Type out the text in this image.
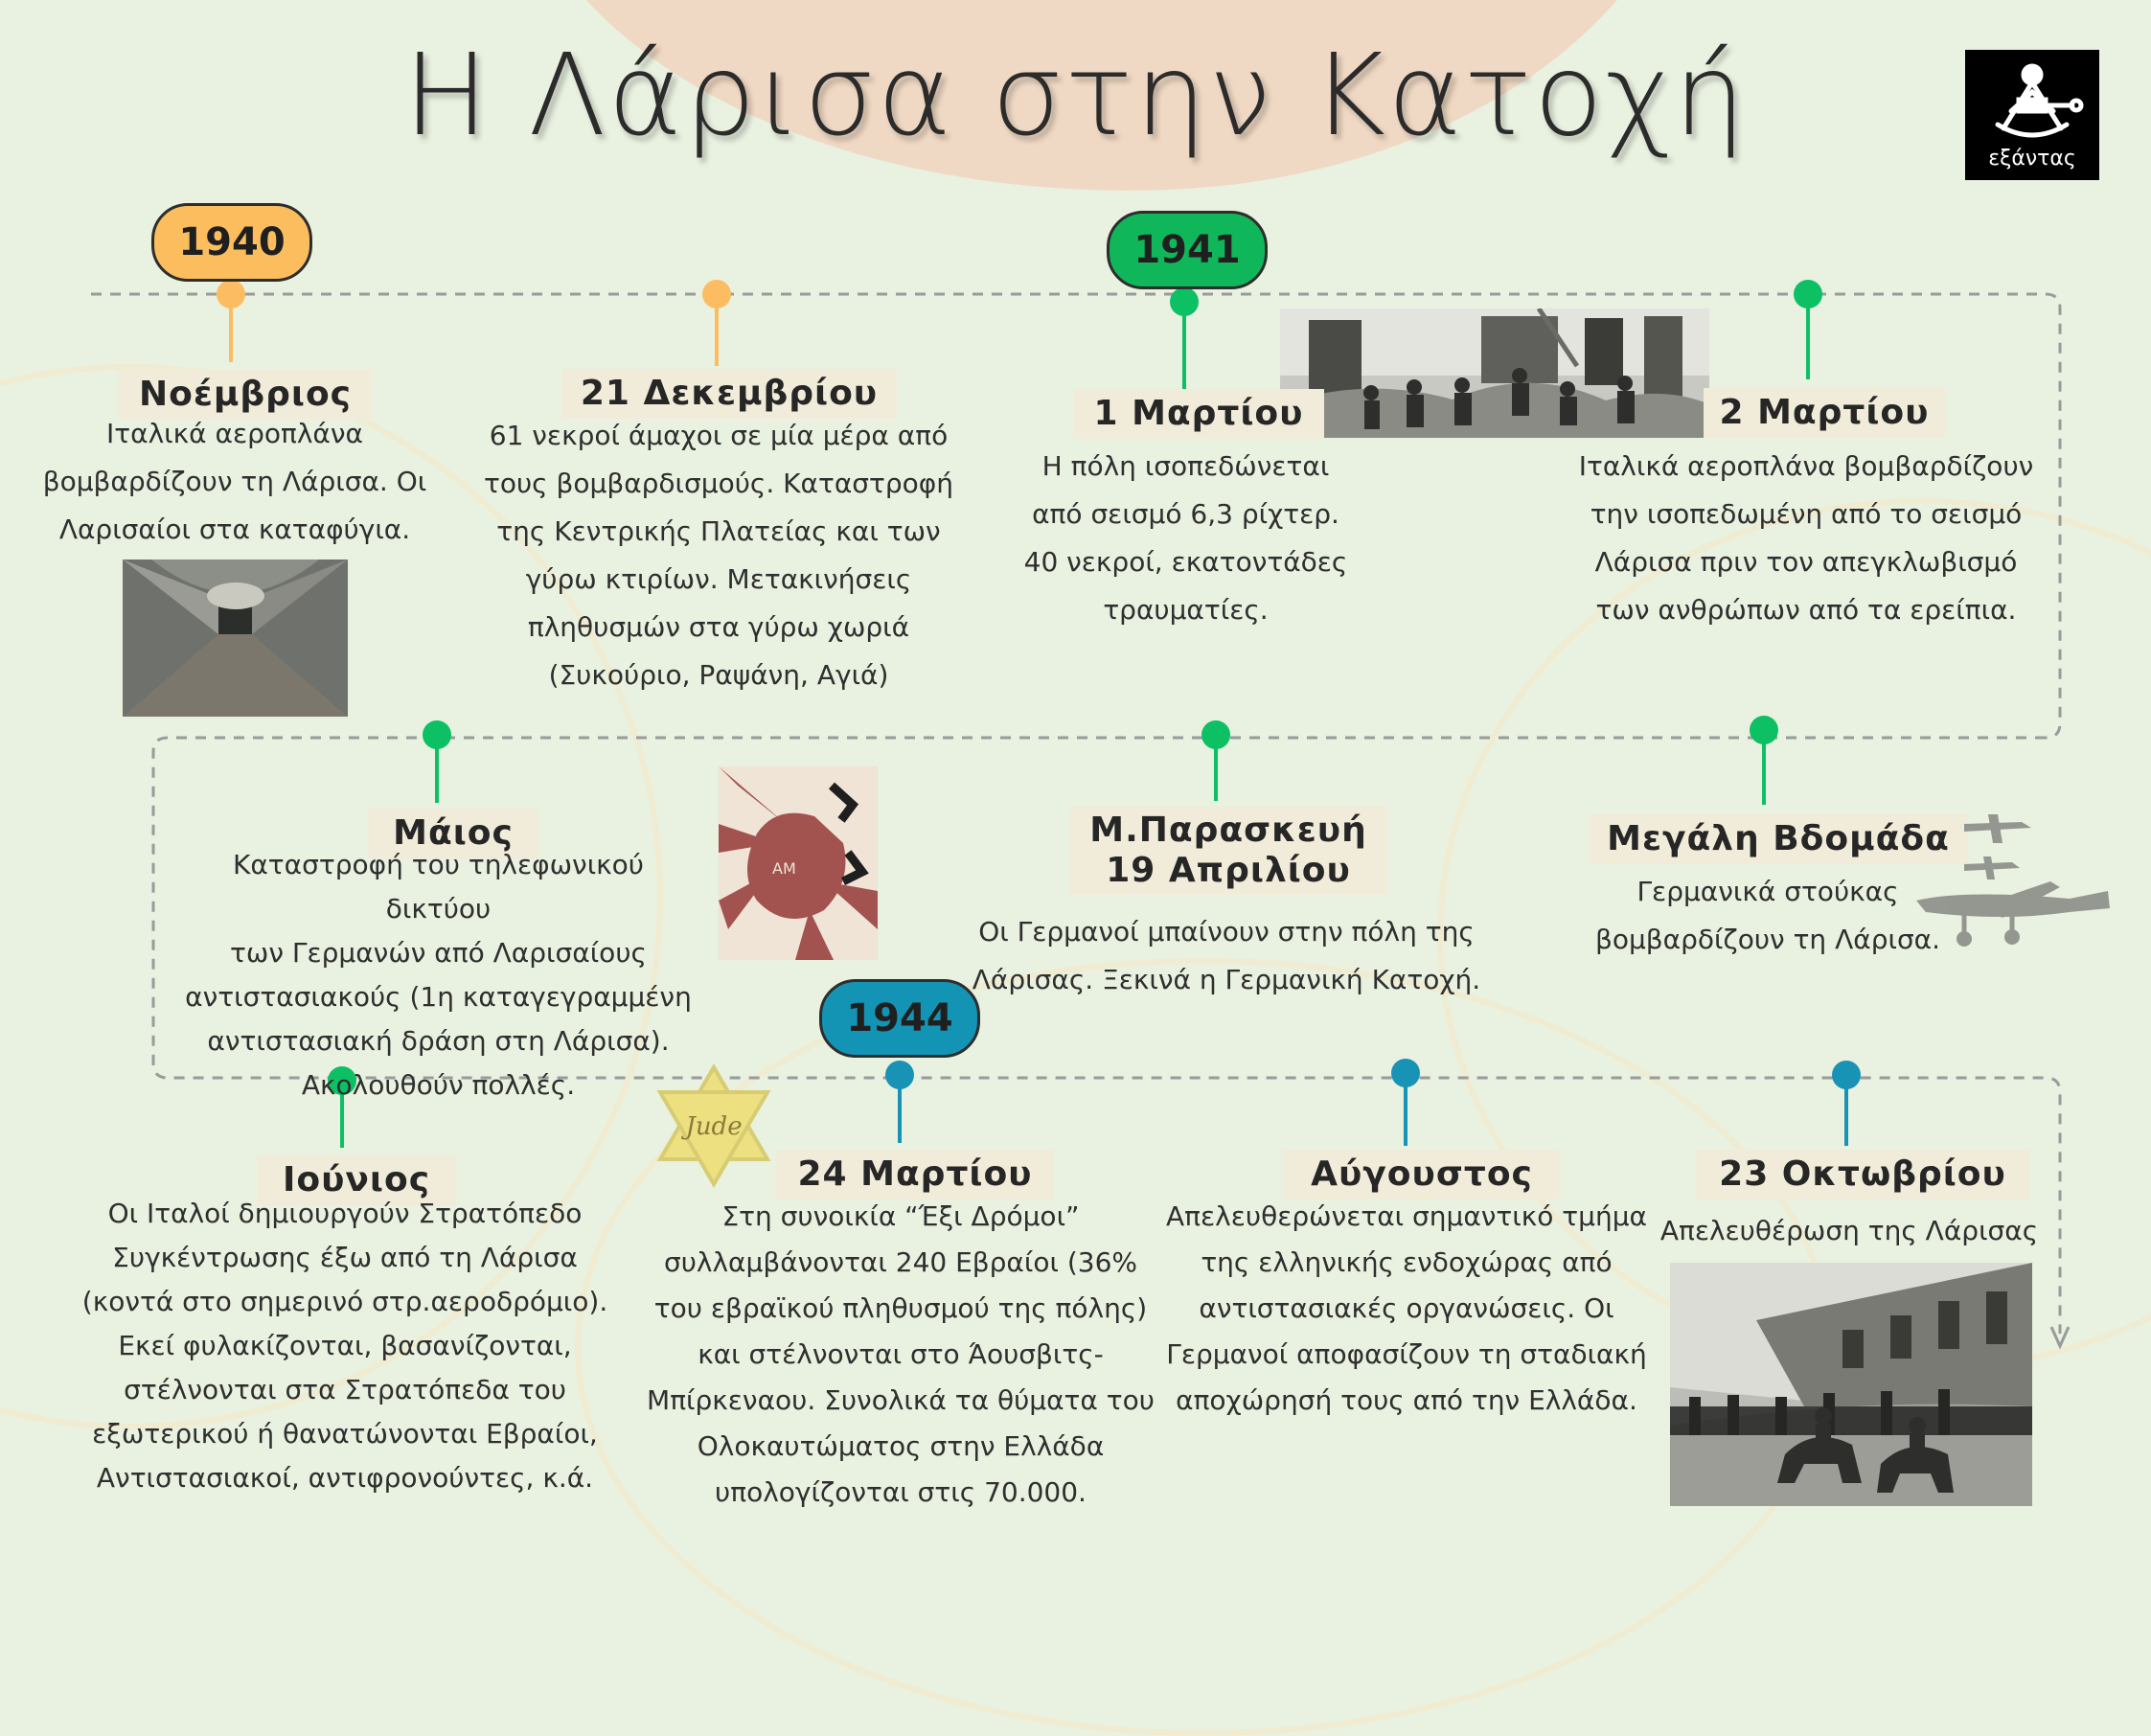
Η Λάρισα στην Κατοχή	εξάντας
1940	1941
1944
Νοέμβριος
Ιταλικά αεροπλάνα
βομβαρδίζουν τη Λάρισα. Οι
Λαρισαίοι στα καταφύγια.
21 Δεκεμβρίου
61 νεκροί άμαχοι σε μία μέρα από
τους βομβαρδισμούς. Καταστροφή
της Κεντρικής Πλατείας και των
γύρω κτιρίων. Μετακινήσεις
πληθυσμών στα γύρω χωριά
(Συκούριο, Ραψάνη, Αγιά)
1 Μαρτίου
Η πόλη ισοπεδώνεται
από σεισμό 6,3 ρίχτερ.
40 νεκροί, εκατοντάδες
τραυματίες.
2 Μαρτίου
Ιταλικά αεροπλάνα βομβαρδίζουν
την ισοπεδωμένη από το σεισμό
Λάρισα πριν τον απεγκλωβισμό
των ανθρώπων από τα ερείπια.
Μάιος
Καταστροφή του τηλεφωνικού δικτύου
των Γερμανών από Λαρισαίους
αντιστασιακούς (1η καταγεγραμμένη
αντιστασιακή δράση στη Λάρισα).
Ακολουθούν πολλές.
AM
Μ.Παρασκευή
19 Απριλίου
Οι Γερμανοί μπαίνουν στην πόλη της
Λάρισας. Ξεκινά η Γερμανική Κατοχή.
Μεγάλη Βδομάδα
Γερμανικά στούκας
βομβαρδίζουν τη Λάρισα.
Ιούνιος
Οι Ιταλοί δημιουργούν Στρατόπεδο
Συγκέντρωσης έξω από τη Λάρισα
(κοντά στο σημερινό στρ.αεροδρόμιο).
Εκεί φυλακίζονται, βασανίζονται,
στέλνονται στα Στρατόπεδα του
εξωτερικού ή θανατώνονται Εβραίοι,
Αντιστασιακοί, αντιφρονούντες, κ.ά.
Jude
24 Μαρτίου
Στη συνοικία “Έξι Δρόμοι”
συλλαμβάνονται 240 Εβραίοι (36%
του εβραϊκού πληθυσμού της πόλης)
και στέλνονται στο Άουσβιτς-
Μπίρκεναου. Συνολικά τα θύματα του
Ολοκαυτώματος στην Ελλάδα
υπολογίζονται στις 70.000.
Αύγουστος
Απελευθερώνεται σημαντικό τμήμα
της ελληνικής ενδοχώρας από
αντιστασιακές οργανώσεις. Οι
Γερμανοί αποφασίζουν τη σταδιακή
αποχώρησή τους από την Ελλάδα.
23 Οκτωβρίου
Απελευθέρωση της Λάρισας
